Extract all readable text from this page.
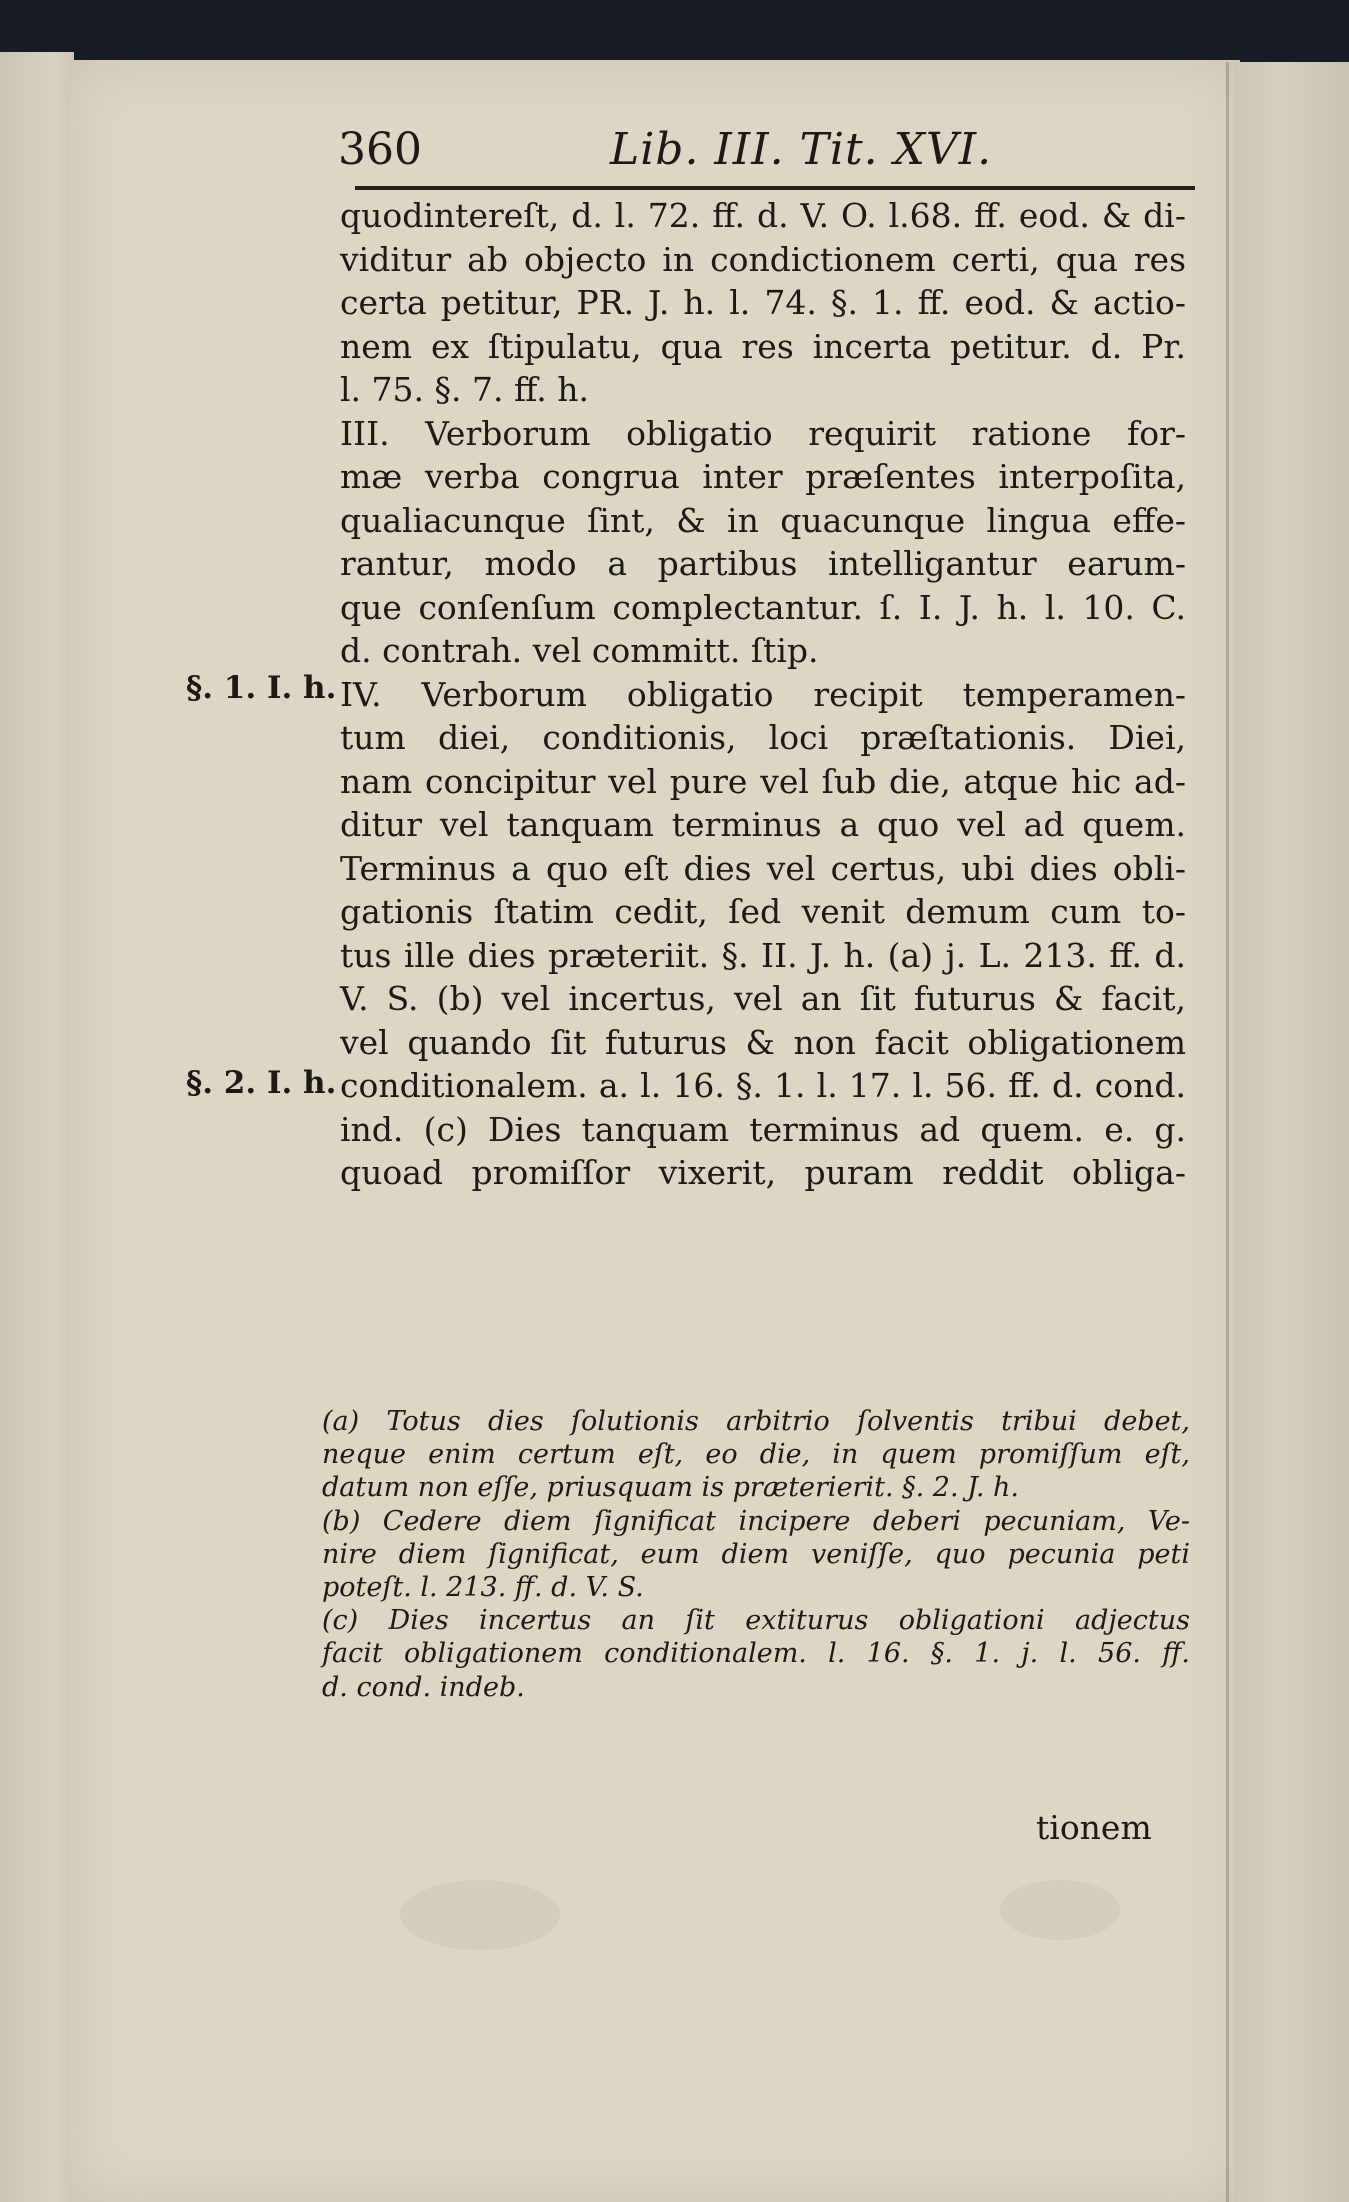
360	Lib. III. Tit. XVI.
quodintereſt, d. l. 72. ff. d. V. O. l.68. ff. eod. & di-
viditur ab objecto in condictionem certi, qua res
certa petitur, PR. J. h. l. 74. §. 1. ff. eod. & actio-
nem ex ſtipulatu, qua res incerta petitur. d. Pr.
l. 75. §. 7. ff. h.
III. Verborum obligatio requirit ratione for-
mæ verba congrua inter præſentes interpoſita,
qualiacunque ſint, & in quacunque lingua effe-
rantur, modo a partibus intelligantur earum-
que conſenſum complectantur. ſ. I. J. h. l. 10. C.
d. contrah. vel committ. ſtip.
IV. Verborum obligatio recipit temperamen-
tum diei, conditionis, loci præſtationis. Diei,
nam concipitur vel pure vel ſub die, atque hic ad-
ditur vel tanquam terminus a quo vel ad quem.
Terminus a quo eſt dies vel certus, ubi dies obli-
gationis ſtatim cedit, ſed venit demum cum to-
tus ille dies præteriit. §. II. J. h. (a) j. L. 213. ff. d.
V. S. (b) vel incertus, vel an ſit futurus & facit,
vel quando ſit futurus & non facit obligationem
conditionalem. a. l. 16. §. 1. l. 17. l. 56. ff. d. cond.
ind. (c) Dies tanquam terminus ad quem. e. g.
quoad promiſſor vixerit, puram reddit obliga-
§. 1. I. h.
§. 2. I. h.
(a) Totus dies ſolutionis arbitrio ſolventis tribui debet,
neque enim certum eſt, eo die, in quem promiſſum eſt,
datum non eſſe, priusquam is præterierit. §. 2. J. h.
(b) Cedere diem ſignificat incipere deberi pecuniam, Ve-
nire diem ſignificat, eum diem veniſſe, quo pecunia peti
poteſt. l. 213. ff. d. V. S.
(c) Dies incertus an ſit extiturus obligationi adjectus
facit obligationem conditionalem. l. 16. §. 1. j. l. 56. ff.
d. cond. indeb.
tionem
